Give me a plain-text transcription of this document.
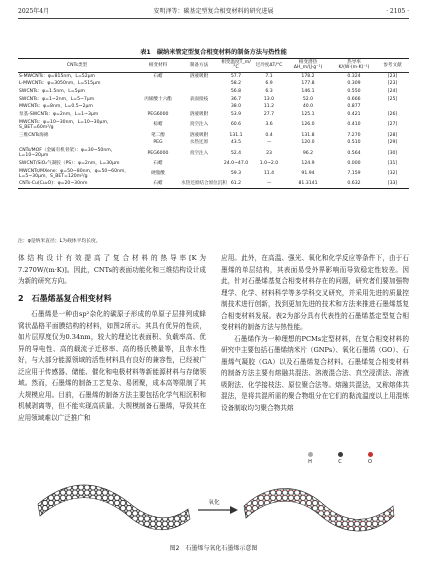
2025年4月	安明泽等：碳基定型复合相变材料的研究进展	· 2105 ·
表1　碳纳米管定型复合相变材料的制备方法与热性能
CNTs类型	相变材料	制备方法	相变温度T_m/°C	过冷度ΔT/°C	相变潜热ΔH_m/(J·g⁻¹)	热导率K/(W·(m·K)⁻¹)	参考文献
S-MWCNTs：φ=815nm，L=52μm	石蜡	溶液吸附	57.7	7.1	178.2	0.324	[23]
L-MWCNTs：φ=3050nm，L=515μm			58.2	6.9	177.8	0.309	[23]
SWCNTs：φ=1.5nm，L=5μm			56.8	6.3	146.1	0.550	[24]
SWCNTs：φ=1~2nm，L=5~7μm	丙烯酸十六酯	表面接枝	36.7	13.0	52.0	0.666	[25]
MWCNTs：φ=8nm，L=0.5~2μm			38.0	11.2	40.0	0.877	
泵基-SWCNTs：φ=2nm，L=1~3μm	PEG6000	溶液吸附	53.9	27.7	125.1	0.421	[26]
MWCNTs：φ=10~30nm，L=10~30μm，S_BET=60m²/g	棕蜡	真空注入	60.6	3.6	126.0	0.410	[27]
三维CNTs海绵	笔二醇	溶液吸附	131.1	0.4	131.8	7.270	[28]
	PEG	水热还原	43.5	—	120.0	0.510	[29]
CNTs/MOF（金属有机骨架）：φ=30~50nm，L=10~20μm	PEG6000	真空注入	52.4	23	96.2	0.564	[30]
SWCNT/SiO₂气凝胶（PS）：φ=2nm，L=30μm	石蜡		24.0~47.0	1.0~2.0	124.9	0.000	[31]
MWCNTs/MXene：φ=50~80nm，φ=50~60nm，L=5~30μm，S_BET=120m²/g	硬脂酸		59.3	11.4	91.94	7.159	[32]
CNTs-Cu(Cu₂O)：φ=20~30nm	石蜡	水热还原结合原位沉积	61.2	—	81.3141	0.632	[33]
注：φ是纳米直径；L为载体平均长度。

体结构设计有效提高了复合材料的热导率[K为7.270W/(m·K)]。因此，CNTs的表面功能化和三维结构设计成为新的研究方向。

2　石墨烯基复合相变材料

石墨烯是一种由sp²杂化的碳原子形成的单原子层排列成蜂窝状晶格平面膜结构的材料，如图2所示。其具有优异的性质，如片层厚度仅为0.34nm，较大的理论比表面积、负载率高、优异的导电性、高的载流子迁移率、高的杨氏模量等，且赤水性好，与大部分能源领域的活性材料具有良好的兼容性，已经被广泛应用于传感器、储能、催化和电极材料等新能源材料与存储领域。然而，石墨烯的制备工艺复杂、易团聚，成本高等限制了其大规模应用。目前，石墨烯的制备方法主要包括化学气相沉积和机械剥离等，但不能实现高质量、大规模制备石墨烯，导致其在应用领域难以广泛推广和

应用。此外，在高温、强光、氧化和化学反应等条件下，由于石墨烯的单层结构，其表面易受外界影响而导致稳定性较差。因此，针对石墨烯基复合相变材料存在的问题，研究者们要加强物理学、化学、材料科学等多学科交叉研究，并采用先进的质量控制技术进行创新，找到更加先进的技术和方法来推进石墨烯基复合相变材料发展。表2为部分具有代表性的石墨烯基定型复合相变材料的制备方法与热性能。

石墨烯作为一种理想的PCMs定型材料，在复合相变材料的研究中主要包括石墨烯纳米片（GNPs）、氧化石墨烯（GO）、石墨烯气凝胶（GA）以及石墨烯复合材料。石墨烯复合相变材料的制备方法主要有熔融共混法、溶液混合法、真空浸渍法、溶液吸附法、化学接枝法、原位聚合法等。熔融共混法，又称熔体共混法，是将共混所需的聚合物组分在它们的黏流温度以上用混炼设备制取均匀聚合物共熔

H	C	O
氧化
图2　石墨烯与氧化石墨烯示意图
